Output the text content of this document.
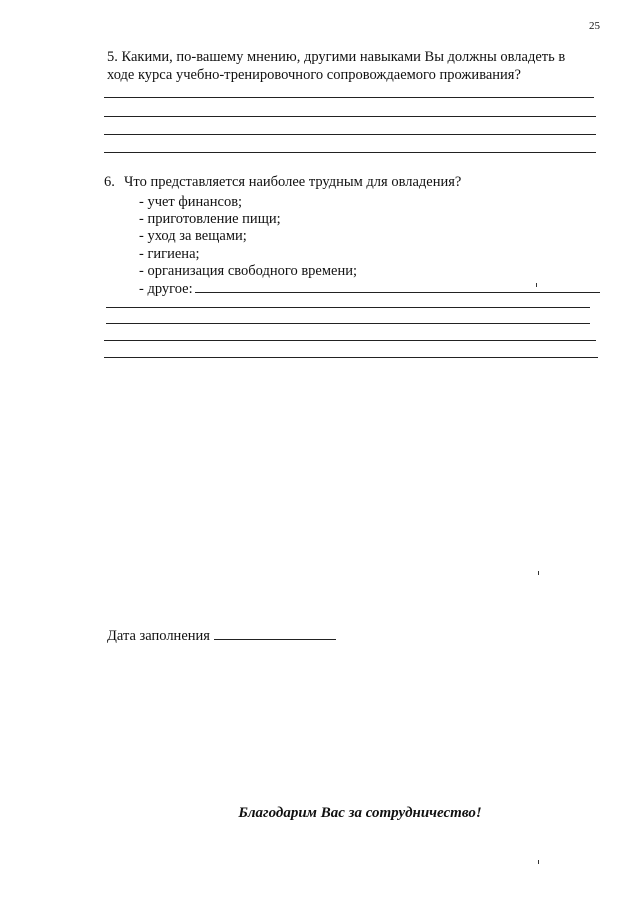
25

5. Какими, по-вашему мнению, другими навыками Вы должны овладеть в

ходе курса учебно-тренировочного сопровождаемого проживания?

6. Что представляется наиболее трудным для овладения?

- учет финансов;
- приготовление пищи;
- уход за вещами;
- гигиена;
- организация свободного времени;
- другое:
Дата заполнения
Благодарим Вас за сотрудничество!
